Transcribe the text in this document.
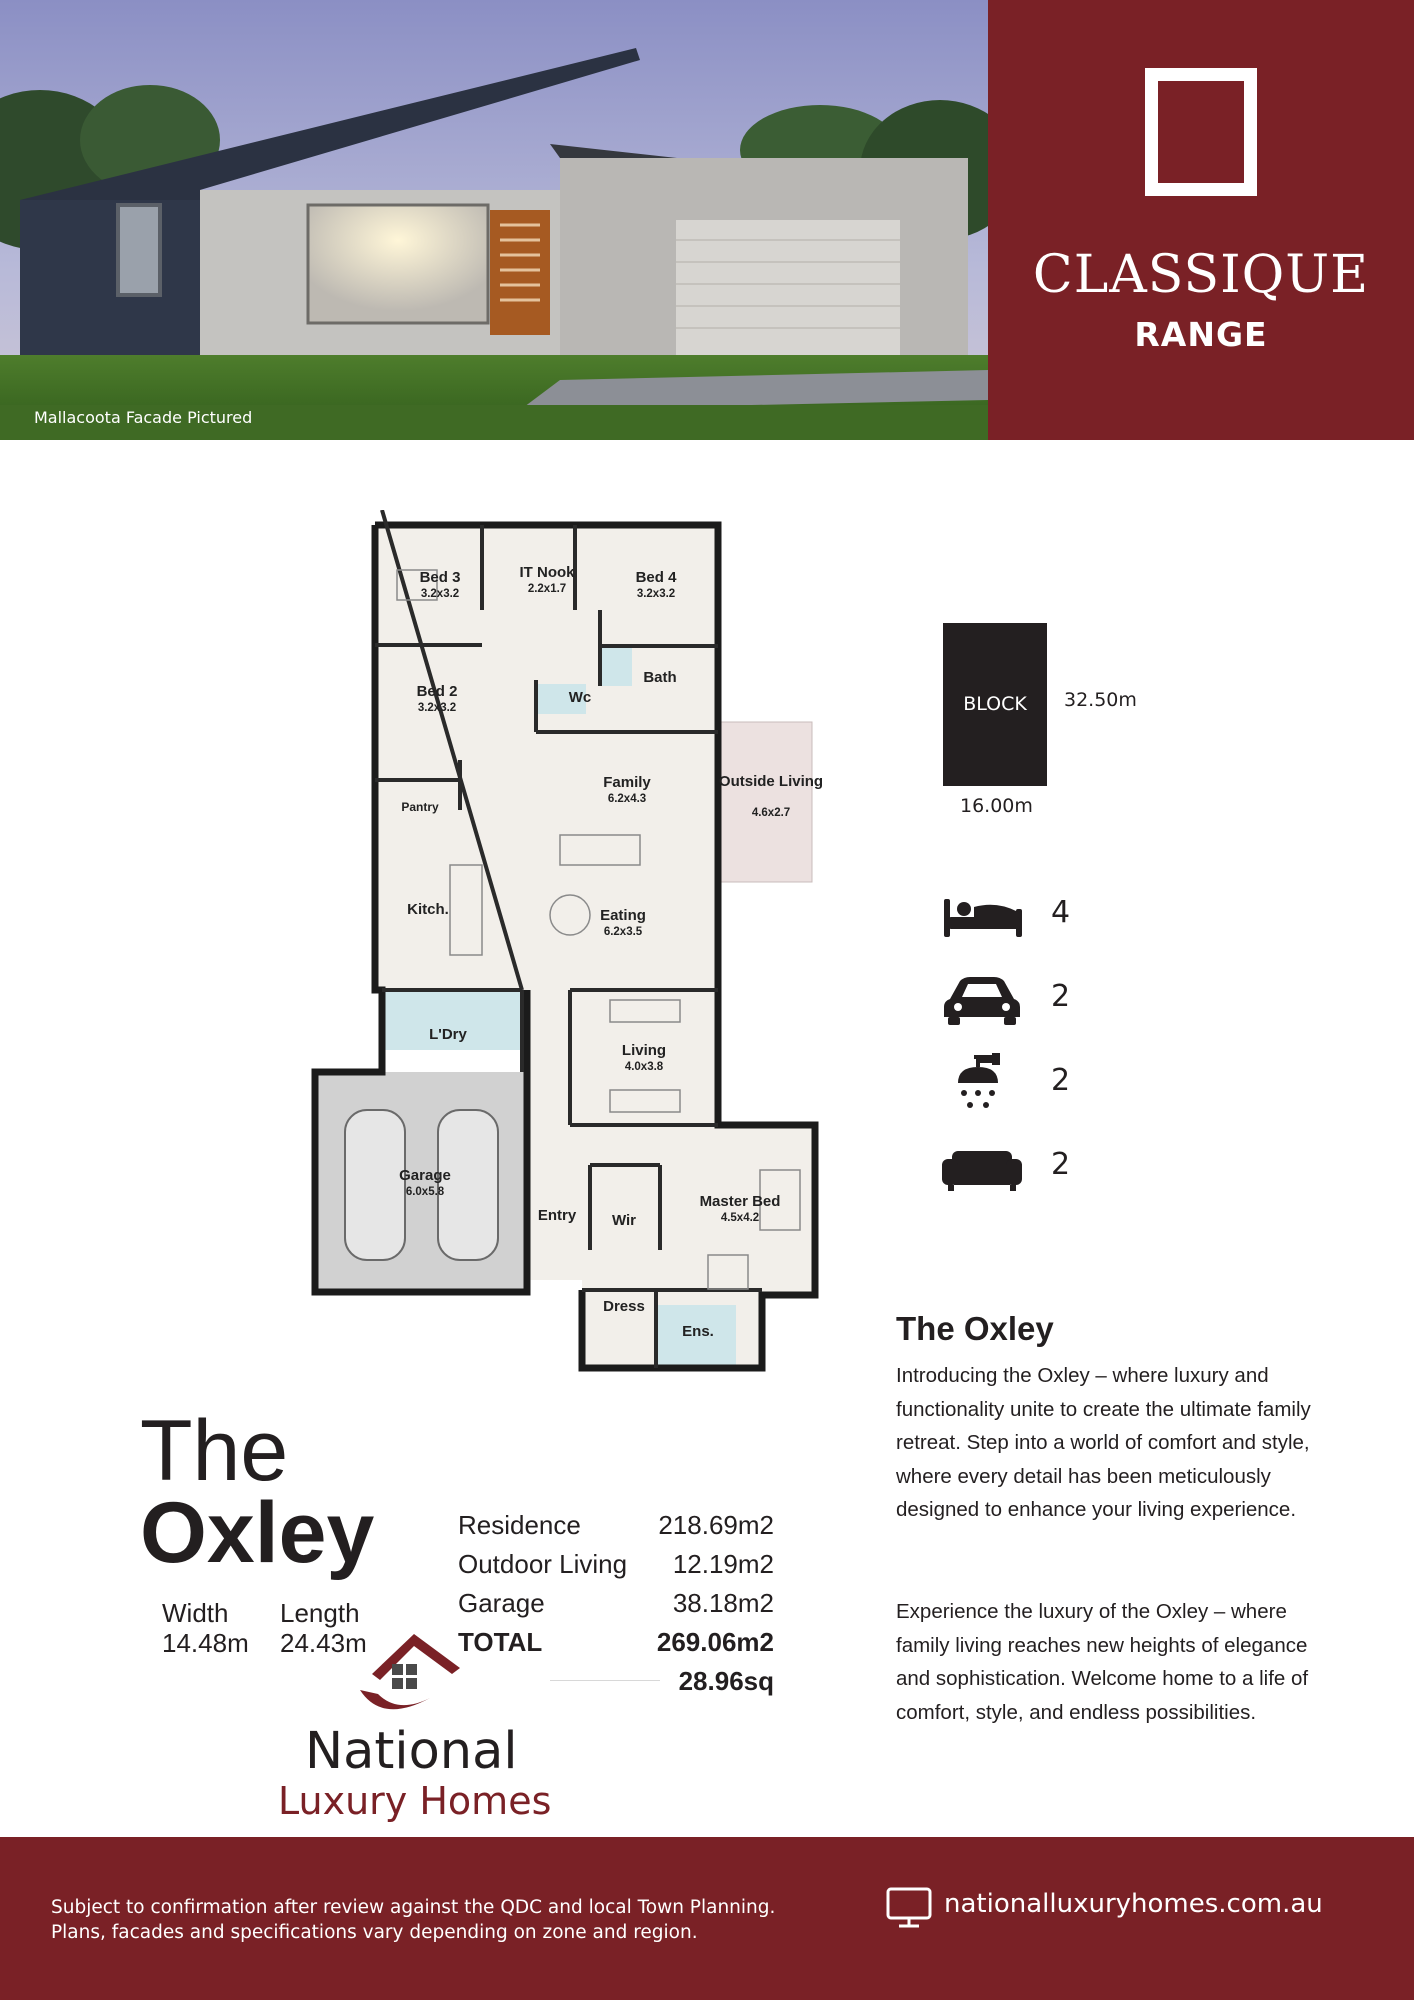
Mallacoota Facade Pictured
CLASSIQUE
RANGE
Bed 3
3.2x3.2
IT Nook
2.2x1.7
Bed 4
3.2x3.2
Bath
Wc
Bed 2
3.2x3.2
Family
6.2x4.3
Outside Living
4.6x2.7
Pantry
Kitch.	Eating
6.2x3.5
L'Dry
Living
4.0x3.8
Garage
6.0x5.8
Entry Wir
Master Bed
4.5x4.2
Dress
Ens.
BLOCK	32.50m
16.00m
4
2
2
2
The
Oxley
Width
14.48m
Length
24.43m
Residence	218.69m2
Outdoor Living 12.19m2
Garage	38.18m2
TOTAL	269.06m2
28.96sq
National
Luxury Homes
The Oxley

Introducing the Oxley – where luxury and functionality unite to create the ultimate family retreat. Step into a world of comfort and style, where every detail has been meticulously designed to enhance your living experience.

Experience the luxury of the Oxley – where family living reaches new heights of elegance and sophistication. Welcome home to a life of comfort, style, and endless possibilities.

Subject to confirmation after review against the QDC and local Town Planning.
Plans, facades and specifications vary depending on zone and region.
nationalluxuryhomes.com.au
